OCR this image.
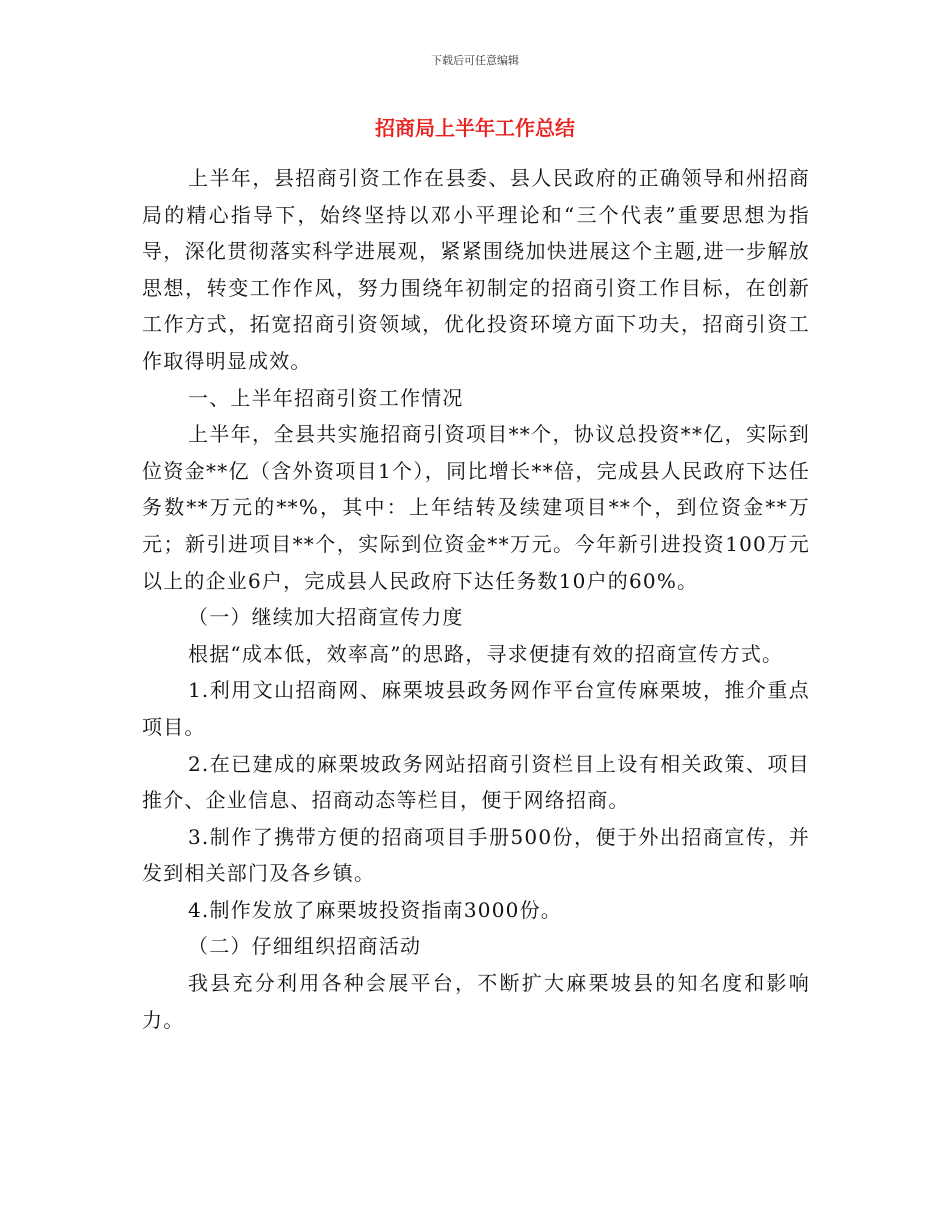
下载后可任意编辑
招商局上半年工作总结

上半年，县招商引资工作在县委、县人民政府的正确领导和州招商局的精心指导下，始终坚持以邓小平理论和“三个代表”重要思想为指导，深化贯彻落实科学进展观，紧紧围绕加快进展这个主题,进一步解放思想，转变工作作风，努力围绕年初制定的招商引资工作目标，在创新工作方式，拓宽招商引资领域，优化投资环境方面下功夫，招商引资工作取得明显成效。

一、上半年招商引资工作情况

上半年，全县共实施招商引资项目**个，协议总投资**亿，实际到位资金**亿（含外资项目1个），同比增长**倍，完成县人民政府下达任务数**万元的**%，其中：上年结转及续建项目**个，到位资金**万元；新引进项目**个，实际到位资金**万元。今年新引进投资100万元以上的企业6户，完成县人民政府下达任务数10户的60%。

（一）继续加大招商宣传力度

根据“成本低，效率高”的思路，寻求便捷有效的招商宣传方式。

1.利用文山招商网、麻栗坡县政务网作平台宣传麻栗坡，推介重点项目。

2.在已建成的麻栗坡政务网站招商引资栏目上设有相关政策、项目推介、企业信息、招商动态等栏目，便于网络招商。

3.制作了携带方便的招商项目手册500份，便于外出招商宣传，并发到相关部门及各乡镇。

4.制作发放了麻栗坡投资指南3000份。

（二）仔细组织招商活动

我县充分利用各种会展平台，不断扩大麻栗坡县的知名度和影响力。
